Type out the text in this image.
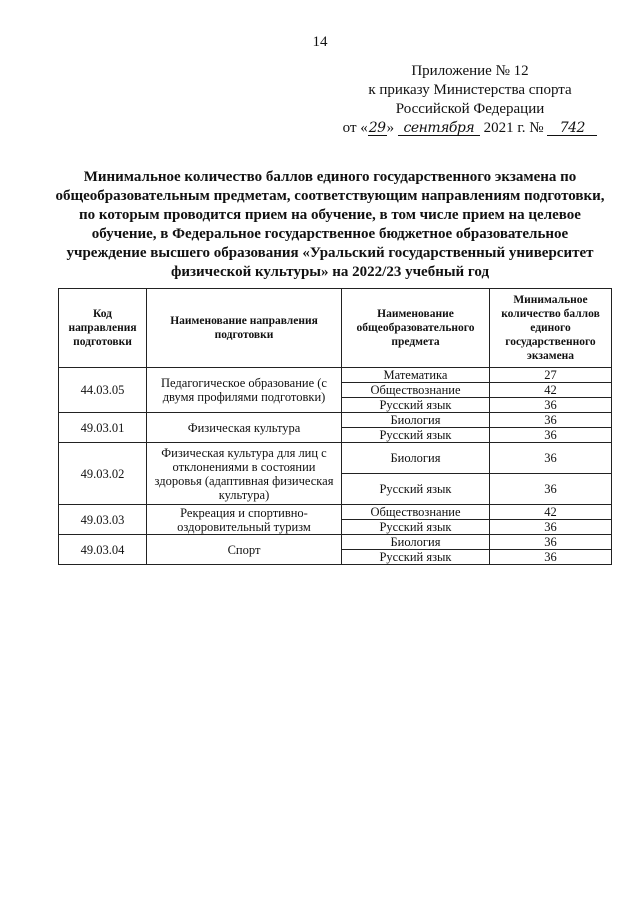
14
Приложение № 12
к приказу Министерства спорта
Российской Федерации
от «29» сентября 2021 г. № 742
Минимальное количество баллов единого государственного экзамена по общеобразовательным предметам, соответствующим направлениям подготовки, по которым проводится прием на обучение, в том числе прием на целевое обучение, в Федеральное государственное бюджетное образовательное учреждение высшего образования «Уральский государственный университет физической культуры» на 2022/23 учебный год
Код направления подготовки	Наименование направления подготовки	Наименование общеобразовательного предмета	Минимальное количество баллов единого государственного экзамена
44.03.05	Педагогическое образование (с двумя профилями подготовки)	Математика	27
		Обществознание	42
		Русский язык	36
49.03.01	Физическая культура	Биология	36
		Русский язык	36
49.03.02	Физическая культура для лиц с отклонениями в состоянии здоровья (адаптивная физическая культура)	Биология	36
		Русский язык	36
49.03.03	Рекреация и спортивно-оздоровительный туризм	Обществознание	42
		Русский язык	36
49.03.04	Спорт	Биология	36
		Русский язык	36
